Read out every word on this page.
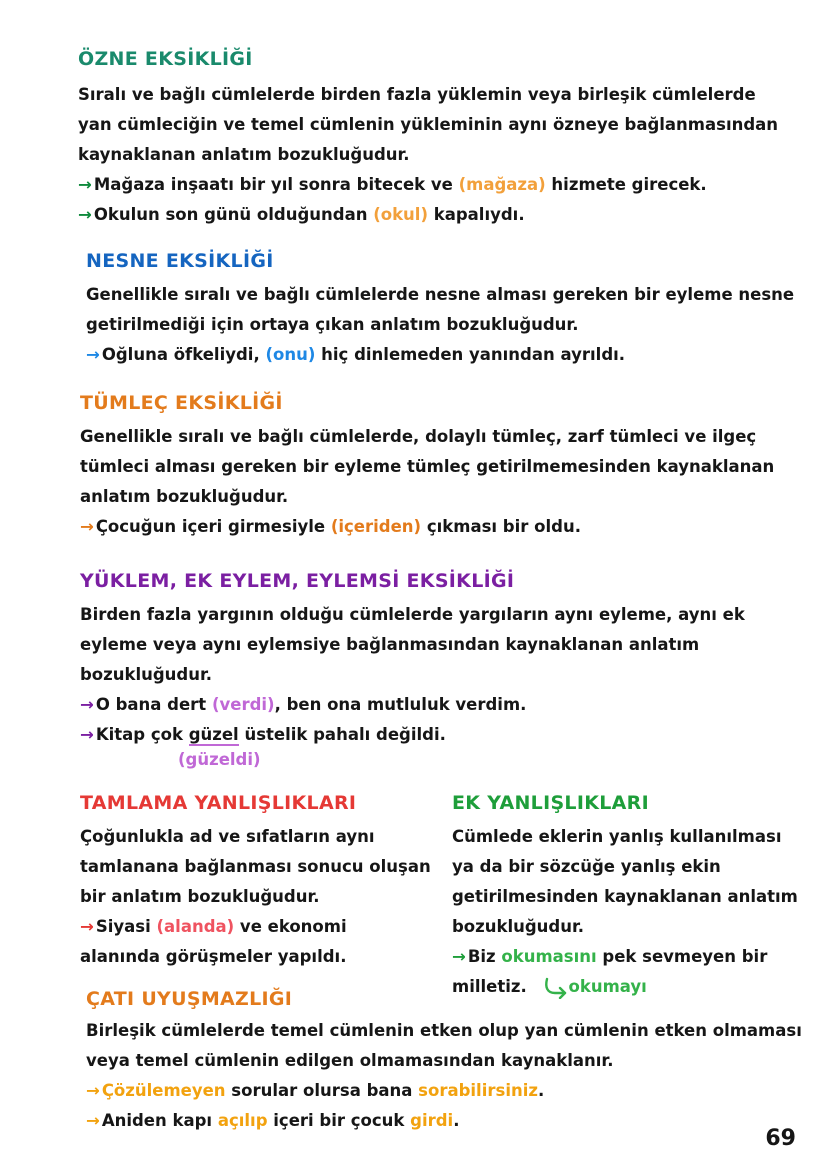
ÖZNE EKSİKLİĞİ

Sıralı ve bağlı cümlelerde birden fazla yüklemin veya birleşik cümlelerde

yan cümleciğin ve temel cümlenin yükleminin aynı özneye bağlanmasından

kaynaklanan anlatım bozukluğudur.

→ Mağaza inşaatı bir yıl sonra bitecek ve (mağaza) hizmete girecek.

→ Okulun son günü olduğundan (okul) kapalıydı.

NESNE EKSİKLİĞİ

Genellikle sıralı ve bağlı cümlelerde nesne alması gereken bir eyleme nesne

getirilmediği için ortaya çıkan anlatım bozukluğudur.

→ Oğluna öfkeliydi, (onu) hiç dinlemeden yanından ayrıldı.

TÜMLEÇ EKSİKLİĞİ

Genellikle sıralı ve bağlı cümlelerde, dolaylı tümleç, zarf tümleci ve ilgeç

tümleci alması gereken bir eyleme tümleç getirilmemesinden kaynaklanan

anlatım bozukluğudur.

→ Çocuğun içeri girmesiyle (içeriden) çıkması bir oldu.

YÜKLEM, EK EYLEM, EYLEMSİ EKSİKLİĞİ

Birden fazla yargının olduğu cümlelerde yargıların aynı eyleme, aynı ek

eyleme veya aynı eylemsiye bağlanmasından kaynaklanan anlatım

bozukluğudur.

→ O bana dert (verdi), ben ona mutluluk verdim.

→ Kitap çok güzel üstelik pahalı değildi.

(güzeldi)
TAMLAMA YANLIŞLIKLARI

Çoğunlukla ad ve sıfatların aynı

tamlanana bağlanması sonucu oluşan

bir anlatım bozukluğudur.

→ Siyasi (alanda) ve ekonomi

alanında görüşmeler yapıldı.

EK YANLIŞLIKLARI

Cümlede eklerin yanlış kullanılması

ya da bir sözcüğe yanlış ekin

getirilmesinden kaynaklanan anlatım

bozukluğudur.

→ Biz okumasını pek sevmeyen bir

milletiz.	okumayı

ÇATI UYUŞMAZLIĞI

Birleşik cümlelerde temel cümlenin etken olup yan cümlenin etken olmaması

veya temel cümlenin edilgen olmamasından kaynaklanır.

→ Çözülemeyen sorular olursa bana sorabilirsiniz.

→ Aniden kapı açılıp içeri bir çocuk girdi.

69
